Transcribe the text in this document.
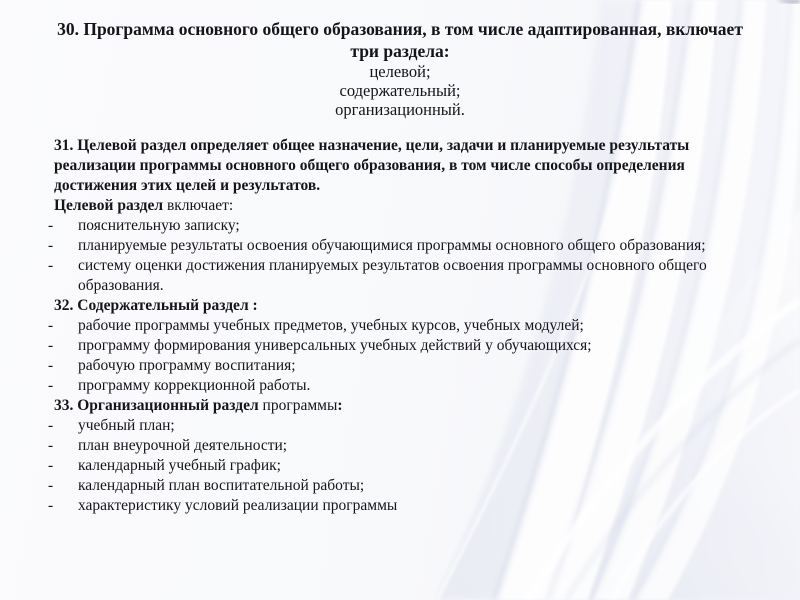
30. Программа основного общего образования, в том числе адаптированная, включает
три раздела:
целевой;
содержательный;
организационный.
31. Целевой раздел определяет общее назначение, цели, задачи и планируемые результаты реализации программы основного общего образования, в том числе способы определения достижения этих целей и результатов.
Целевой раздел включает:
-	пояснительную записку;
-	планируемые результаты освоения обучающимися программы основного общего образования;
-	систему оценки достижения планируемых результатов освоения программы основного общего образования.
32. Содержательный раздел :
-	рабочие программы учебных предметов, учебных курсов, учебных модулей;
-	программу формирования универсальных учебных действий у обучающихся;
-	рабочую программу воспитания;
-	программу коррекционной работы.
33. Организационный раздел программы:
-	учебный план;
-	план внеурочной деятельности;
-	календарный учебный график;
-	календарный план воспитательной работы;
-	характеристику условий реализации программы
